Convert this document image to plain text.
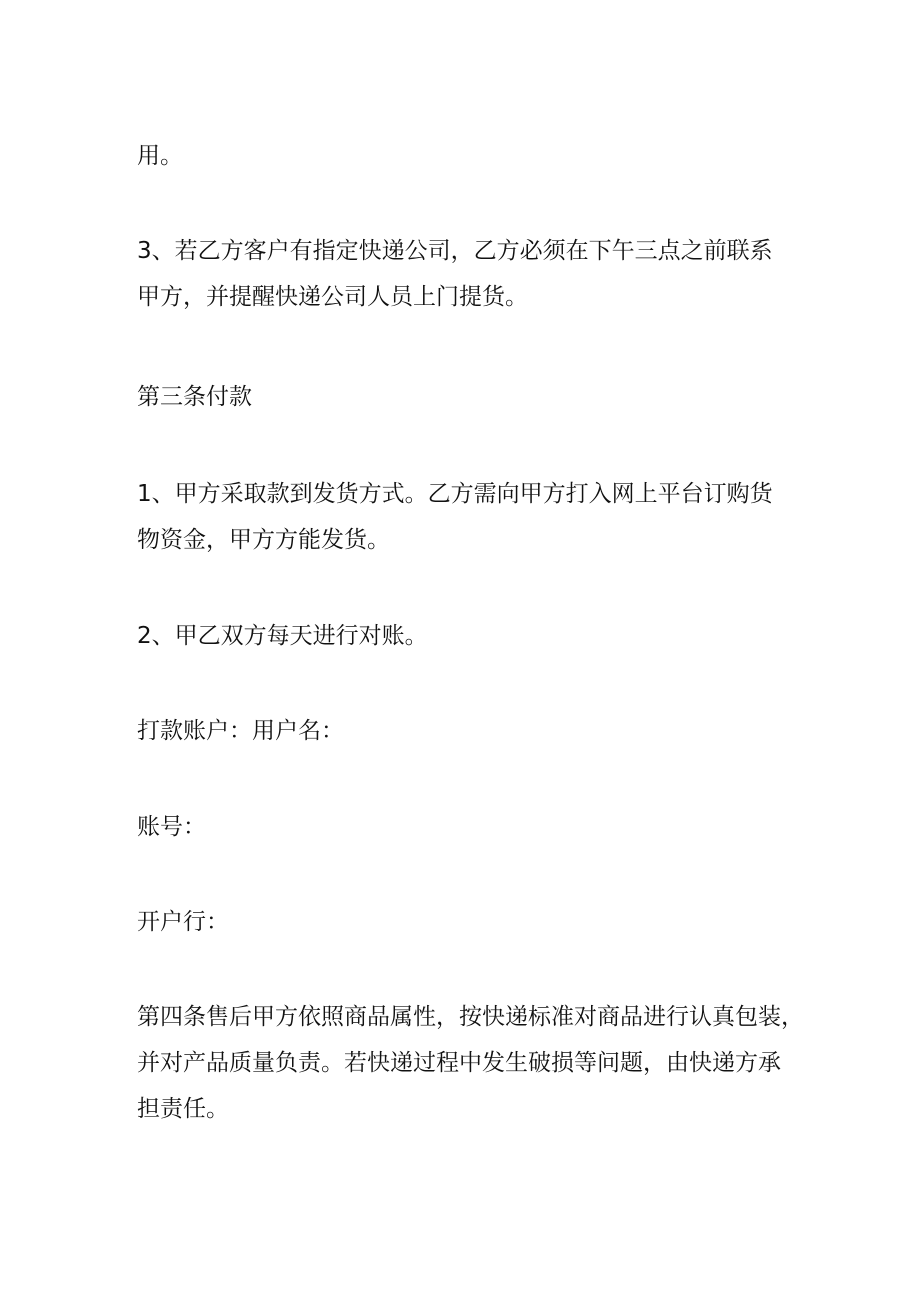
用。

3、若乙方客户有指定快递公司，乙方必须在下午三点之前联系
甲方，并提醒快递公司人员上门提货。

第三条付款

1、甲方采取款到发货方式。乙方需向甲方打入网上平台订购货
物资金，甲方方能发货。

2、甲乙双方每天进行对账。

打款账户：用户名：

账号：

开户行：

第四条售后甲方依照商品属性，按快递标准对商品进行认真包装，
并对产品质量负责。若快递过程中发生破损等问题，由快递方承
担责任。
